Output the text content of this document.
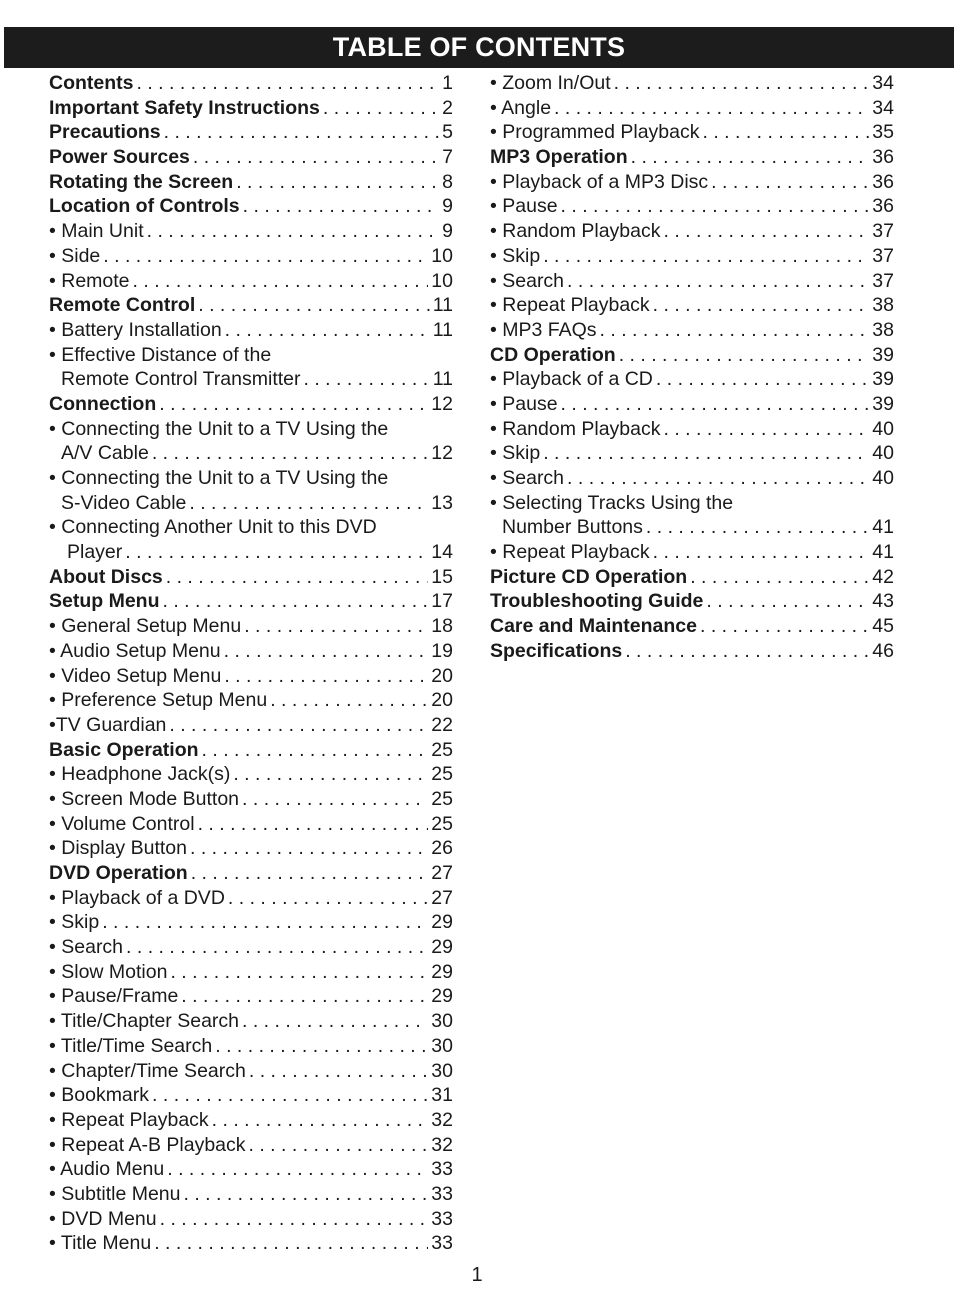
TABLE OF CONTENTS
Contents . . .	1
Important Safety Instructions . . .	2
Precautions . . .	5
Power Sources . . .	7
Rotating the Screen . . .	8
Location of Controls . . .	9
• Main Unit . . .	9
• Side . . .	10
• Remote . . .	10
Remote Control . . .	11
• Battery Installation . . .	11
• Effective Distance of the
Remote Control Transmitter . . .	11
Connection . . .	12
• Connecting the Unit to a TV Using the
A/V Cable . . .	12
• Connecting the Unit to a TV Using the
S-Video Cable . . .	13
• Connecting Another Unit to this DVD
Player . . .	14
About Discs . . .	15
Setup Menu . . .	17
• General Setup Menu . . .	18
• Audio Setup Menu . . .	19
• Video Setup Menu . . .	20
• Preference Setup Menu . . .	20
•TV Guardian . . .	22
Basic Operation . . .	25
• Headphone Jack(s) . . .	25
• Screen Mode Button . . .	25
• Volume Control . . .	25
• Display Button . . .	26
DVD Operation . . .	27
• Playback of a DVD . . .	27
• Skip . . .	29
• Search . . .	29
• Slow Motion . . .	29
• Pause/Frame . . .	29
• Title/Chapter Search . . .	30
• Title/Time Search . . .	30
• Chapter/Time Search . . .	30
• Bookmark . . .	31
• Repeat Playback . . .	32
• Repeat A-B Playback . . .	32
• Audio Menu . . .	33
• Subtitle Menu . . .	33
• DVD Menu . . .	33
• Title Menu . . .	33
• Zoom In/Out . . .	34
• Angle . . .	34
• Programmed Playback . . .	35
MP3 Operation . . .	36
• Playback of a MP3 Disc . . .	36
• Pause . . .	36
• Random Playback . . .	37
• Skip . . .	37
• Search . . .	37
• Repeat Playback . . .	38
• MP3 FAQs . . .	38
CD Operation . . .	39
• Playback of a CD . . .	39
• Pause . . .	39
• Random Playback . . .	40
• Skip . . .	40
• Search . . .	40
• Selecting Tracks Using the
Number Buttons . . .	41
• Repeat Playback . . .	41
Picture CD Operation . . .	42
Troubleshooting Guide . . .	43
Care and Maintenance . . .	45
Specifications . . .	46
1
